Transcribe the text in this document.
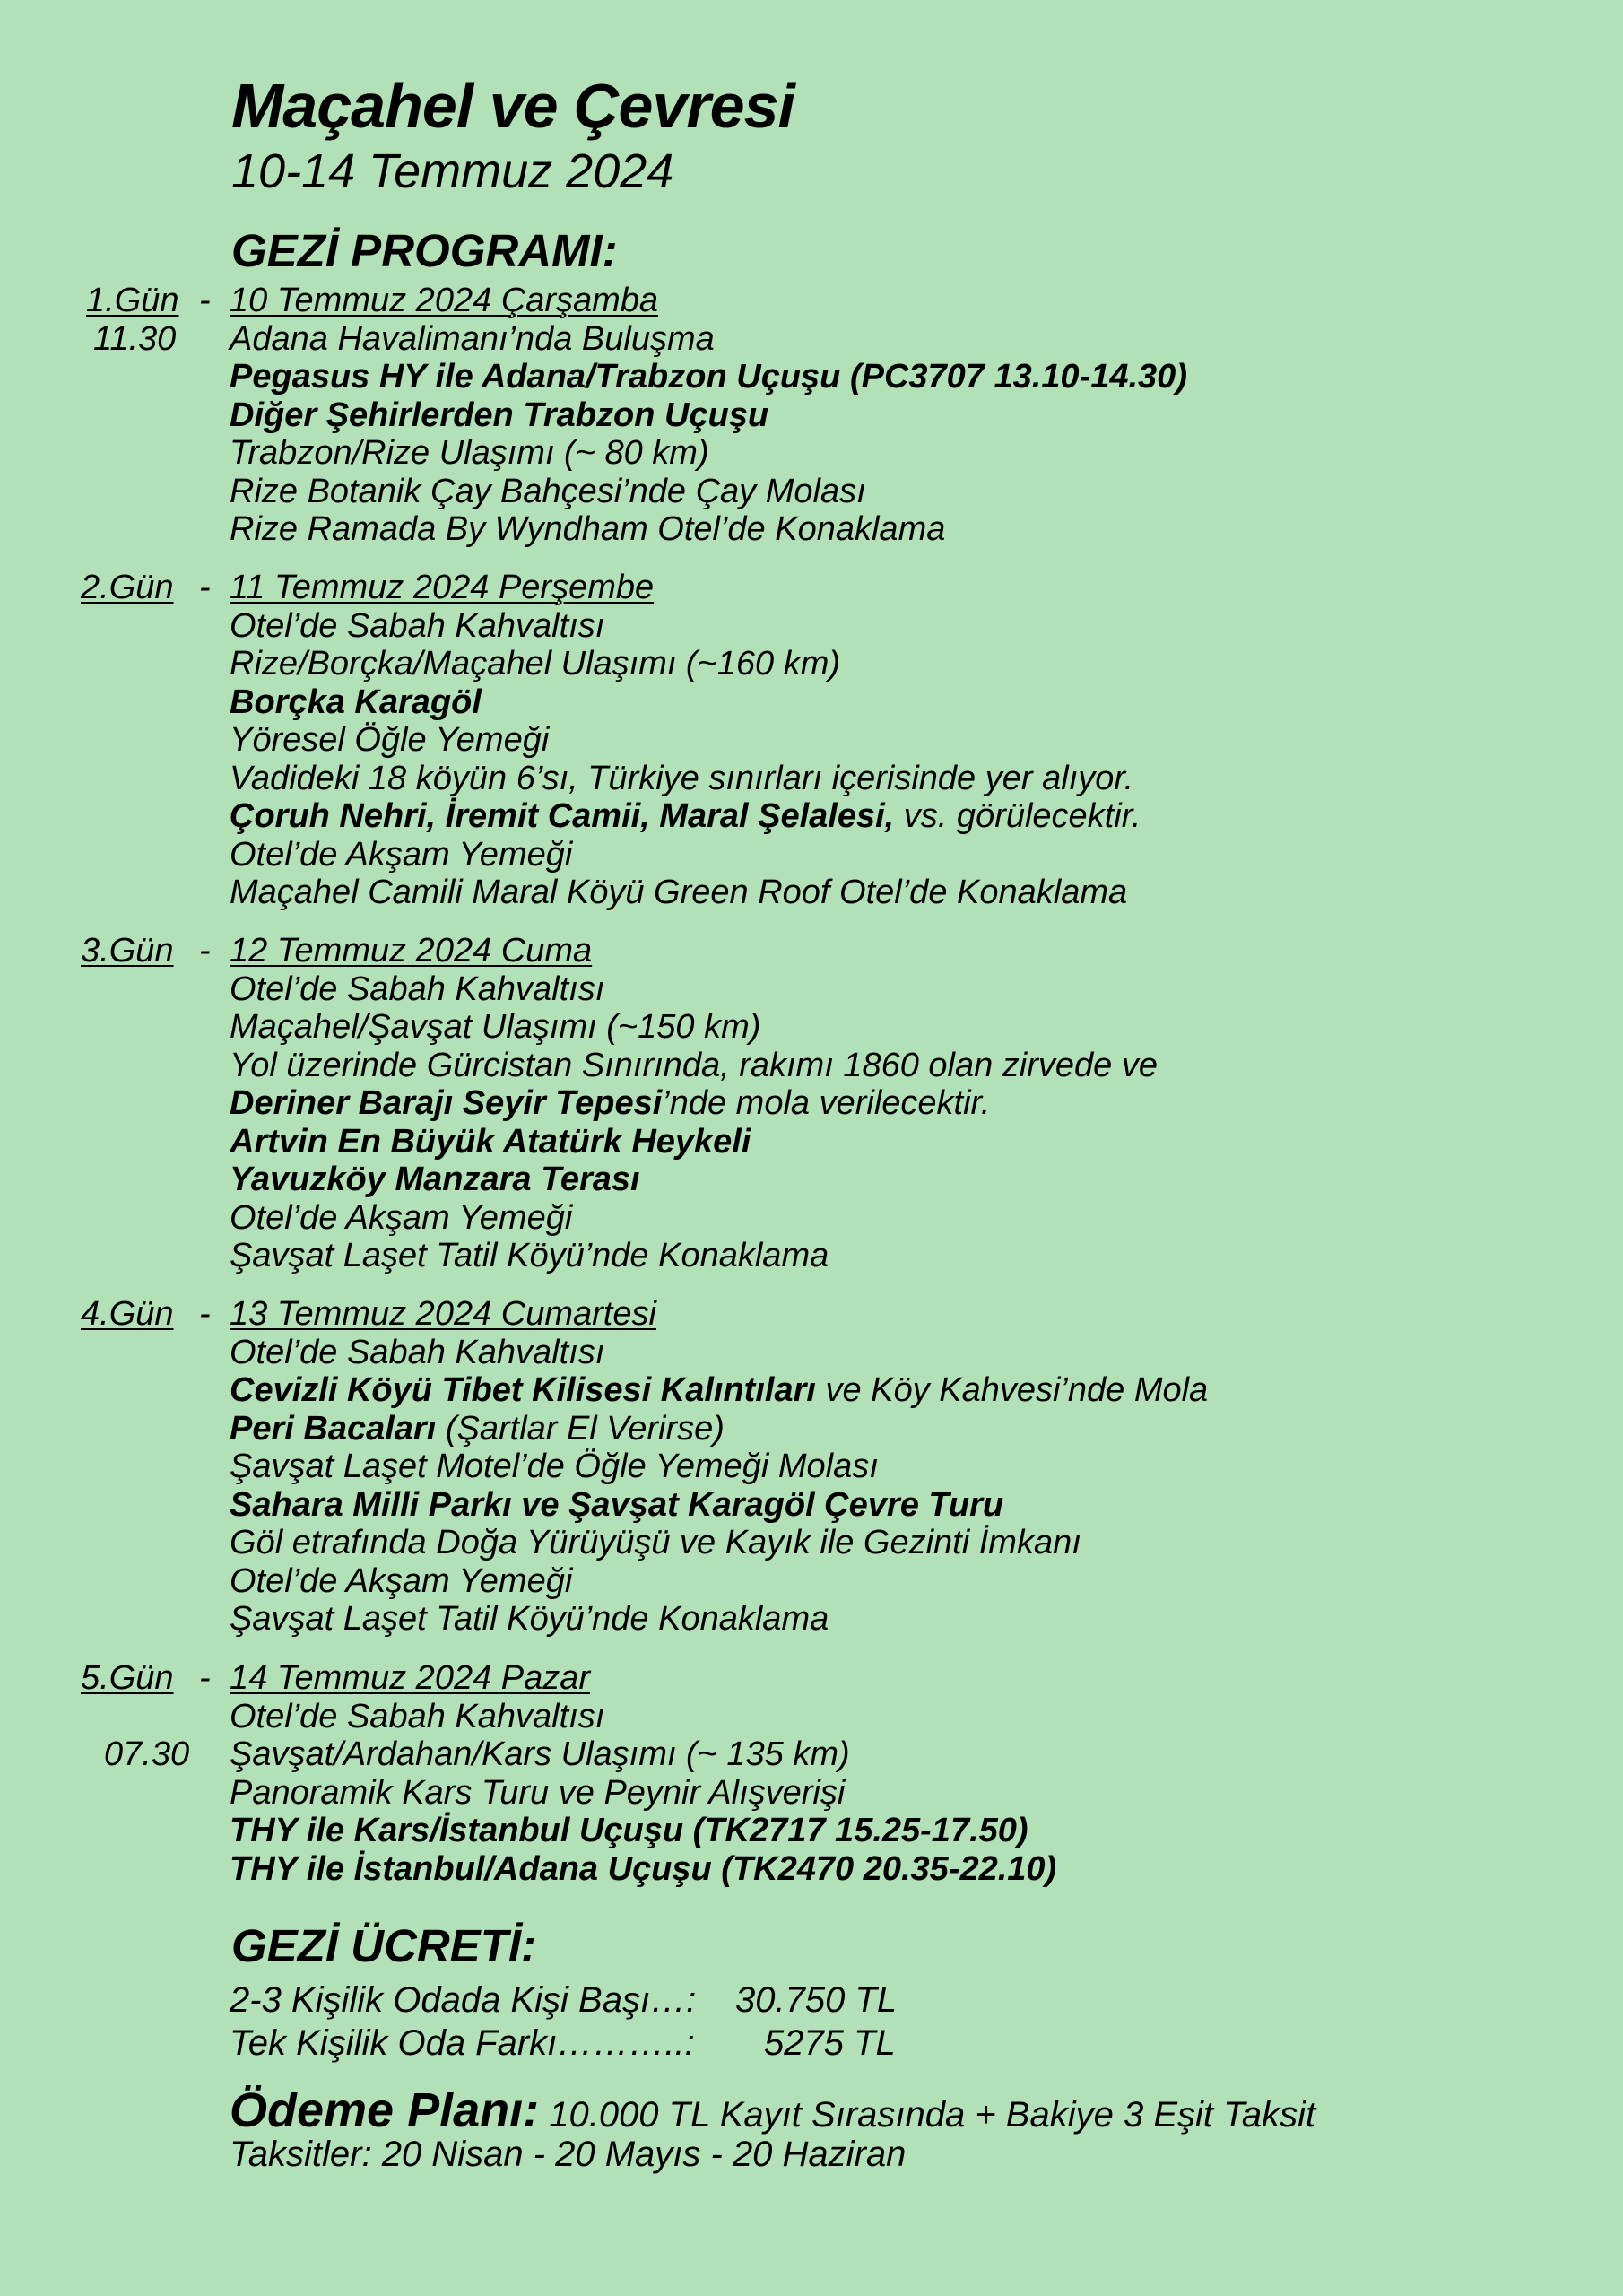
Maçahel ve Çevresi
10-14 Temmuz 2024
GEZİ PROGRAMI:
1.Gün - 10 Temmuz 2024 Çarşamba
11.30 Adana Havalimanı’nda Buluşma
Pegasus HY ile Adana/Trabzon Uçuşu (PC3707 13.10-14.30)
Diğer Şehirlerden Trabzon Uçuşu
Trabzon/Rize Ulaşımı (~ 80 km)
Rize Botanik Çay Bahçesi’nde Çay Molası
Rize Ramada By Wyndham Otel’de Konaklama
2.Gün - 11 Temmuz 2024 Perşembe
Otel’de Sabah Kahvaltısı
Rize/Borçka/Maçahel Ulaşımı (~160 km)
Borçka Karagöl
Yöresel Öğle Yemeği
Vadideki 18 köyün 6’sı, Türkiye sınırları içerisinde yer alıyor.
Çoruh Nehri, İremit Camii, Maral Şelalesi, vs. görülecektir.
Otel’de Akşam Yemeği
Maçahel Camili Maral Köyü Green Roof Otel’de Konaklama
3.Gün - 12 Temmuz 2024 Cuma
Otel’de Sabah Kahvaltısı
Maçahel/Şavşat Ulaşımı (~150 km)
Yol üzerinde Gürcistan Sınırında, rakımı 1860 olan zirvede ve
Deriner Barajı Seyir Tepesi’nde mola verilecektir.
Artvin En Büyük Atatürk Heykeli
Yavuzköy Manzara Terası
Otel’de Akşam Yemeği
Şavşat Laşet Tatil Köyü’nde Konaklama
4.Gün - 13 Temmuz 2024 Cumartesi
Otel’de Sabah Kahvaltısı
Cevizli Köyü Tibet Kilisesi Kalıntıları ve Köy Kahvesi’nde Mola
Peri Bacaları (Şartlar El Verirse)
Şavşat Laşet Motel’de Öğle Yemeği Molası
Sahara Milli Parkı ve Şavşat Karagöl Çevre Turu
Göl etrafında Doğa Yürüyüşü ve Kayık ile Gezinti İmkanı
Otel’de Akşam Yemeği
Şavşat Laşet Tatil Köyü’nde Konaklama
5.Gün - 14 Temmuz 2024 Pazar
Otel’de Sabah Kahvaltısı
07.30 Şavşat/Ardahan/Kars Ulaşımı (~ 135 km)
Panoramik Kars Turu ve Peynir Alışverişi
THY ile Kars/İstanbul Uçuşu (TK2717 15.25-17.50)
THY ile İstanbul/Adana Uçuşu (TK2470 20.35-22.10)
GEZİ ÜCRETİ:
2-3 Kişilik Odada Kişi Başı…: 30.750 TL
Tek Kişilik Oda Farkı………..: 5275 TL
Ödeme Planı: 10.000 TL Kayıt Sırasında + Bakiye 3 Eşit Taksit
Taksitler: 20 Nisan - 20 Mayıs - 20 Haziran
